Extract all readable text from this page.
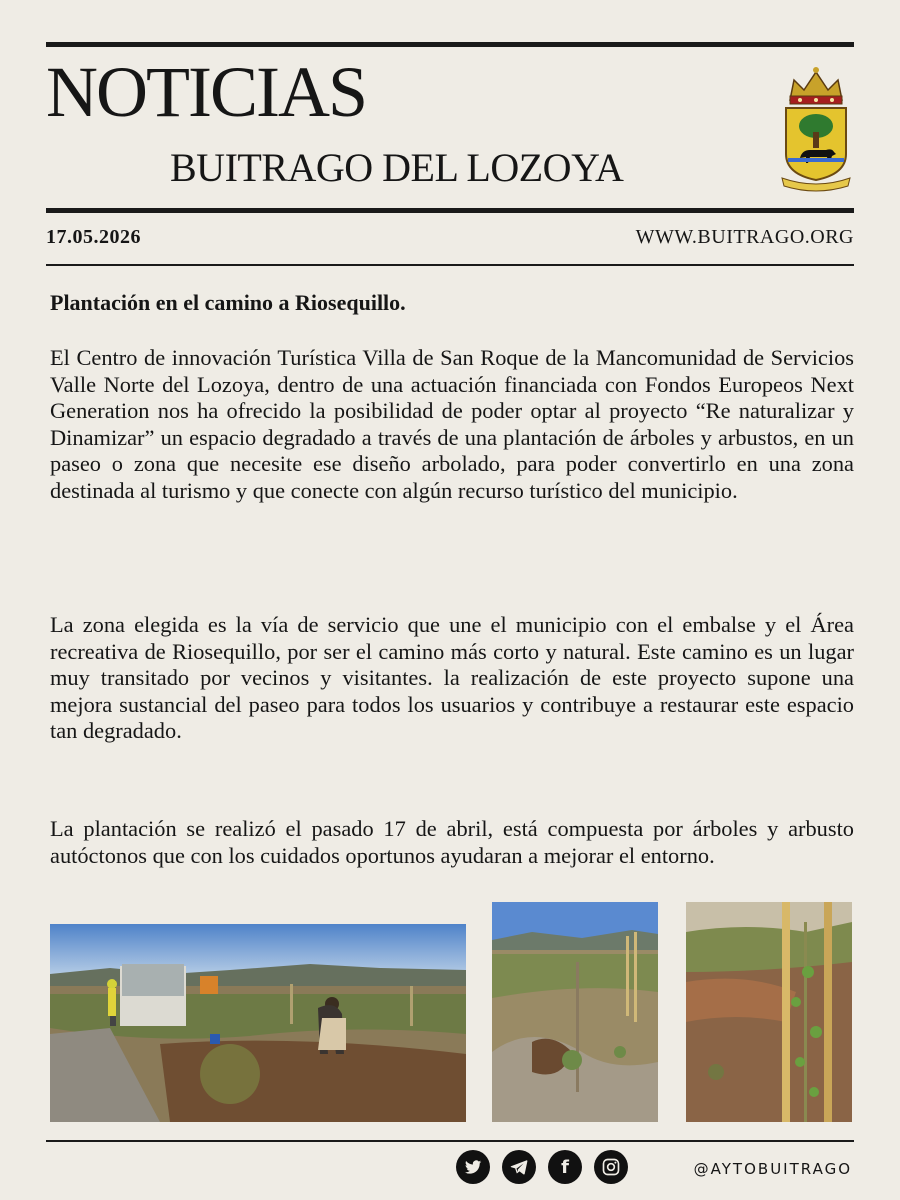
NOTICIAS
BUITRAGO DEL LOZOYA
17.05.2026	WWW.BUITRAGO.ORG
Plantación en el camino a Riosequillo.
El Centro de innovación Turística Villa de San Roque de la Mancomunidad de Servicios Valle Norte del Lozoya, dentro de una actuación financiada con Fondos Europeos Next Generation nos ha ofrecido la posibilidad de poder optar al proyecto “Re naturalizar y Dinamizar” un espacio degradado a través de una plantación de árboles y arbustos, en un paseo o zona que necesite ese diseño arbolado, para poder convertirlo en una zona destinada al turismo y que conecte con algún recurso turístico del municipio.
La zona elegida es la vía de servicio que une el municipio con el embalse y el Área recreativa de Riosequillo, por ser el camino más corto y natural. Este camino es un lugar muy transitado por vecinos y visitantes. la realización de este proyecto supone una mejora sustancial del paseo para todos los usuarios y contribuye a restaurar este espacio tan degradado.
La plantación se realizó el pasado 17 de abril, está compuesta por árboles y arbusto autóctonos que con los cuidados oportunos ayudaran a mejorar el entorno.
f	@AYTOBUITRAGO
